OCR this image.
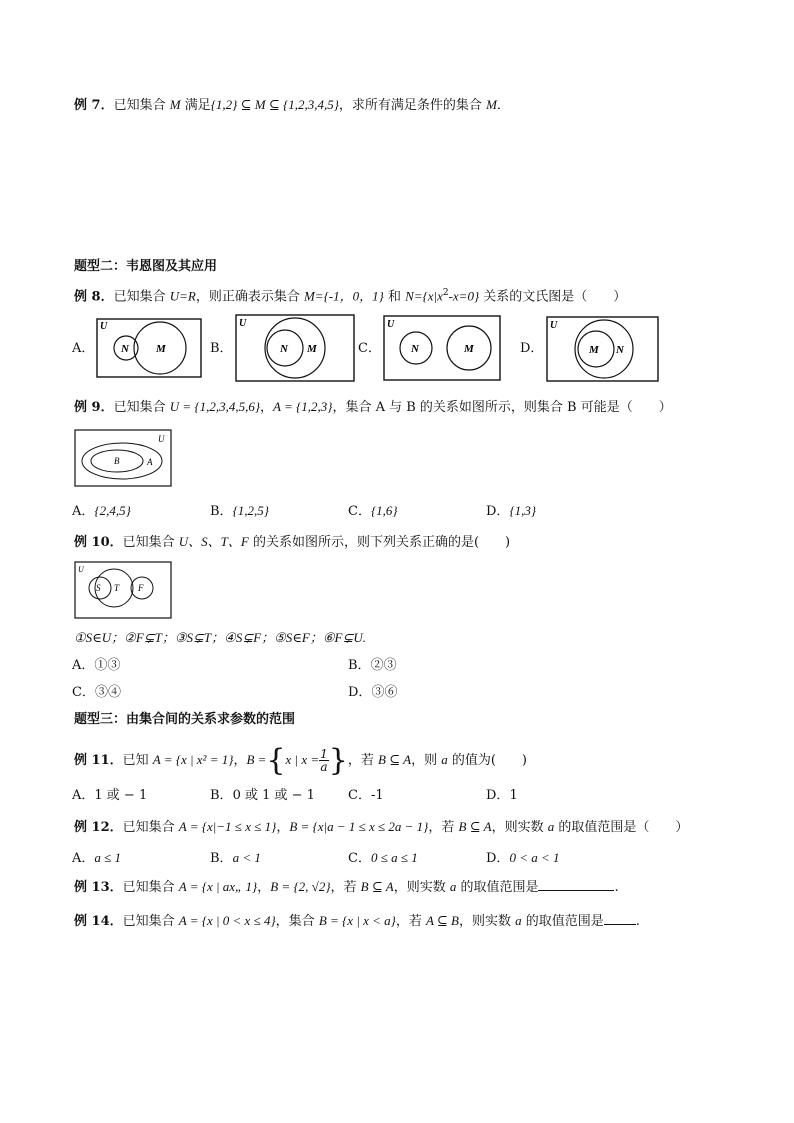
例 7．已知集合 M 满足{1,2} ⊆ M ⊆ {1,2,3,4,5}，求所有满足条件的集合 M．
题型二：韦恩图及其应用
例 8．已知集合 U=R，则正确表示集合 M={-1，0，1} 和 $N=\{x|x^2-x=0\}$ 关系的文氏图是（　　）
A．
U
N M	B．
U
N M	C．
U
N	M	D．
U
M N
例 9．已知集合 U = {1,2,3,4,5,6}，A = {1,2,3}，集合 A 与 B 的关系如图所示，则集合 B 可能是（　　）
U
B	A
A．{2,4,5}	B．{1,2,5}	C．{1,6}	D．{1,3}
例 10．已知集合 U、S、T、F 的关系如图所示，则下列关系正确的是(　　)
U
S T F
①S∈U；②F⊊T；③S⊊T；④S⊊F；⑤S∈F；⑥F⊊U.
A．①③	B．②③
C．③④	D．③⑥
题型三：由集合间的关系求参数的范围
例 11．已知 A = {x | x² = 1}，B ={x | $x = \frac{1}{a}$ }，若 B ⊆ A，则 a 的值为(　　)
A．1 或 − 1	B．0 或 1 或 − 1	C．-1	D．1
例 12．已知集合 A = {x|−1 ≤ x ≤ 1}，B = {x|a − 1 ≤ x ≤ 2a − 1}，若 B ⊆ A，则实数 a 的取值范围是（　　）
A．a ≤ 1	B．a < 1	C．0 ≤ a ≤ 1	D．0 < a < 1
例 13．已知集合 A = {x | ax„ 1}，B = {2, √2}，若 B ⊆ A，则实数 a 的取值范围是	.
例 14．已知集合 A = {x | 0 < x ≤ 4}，集合 B = {x | x < a}，若 A ⊆ B，则实数 a 的取值范围是 .
